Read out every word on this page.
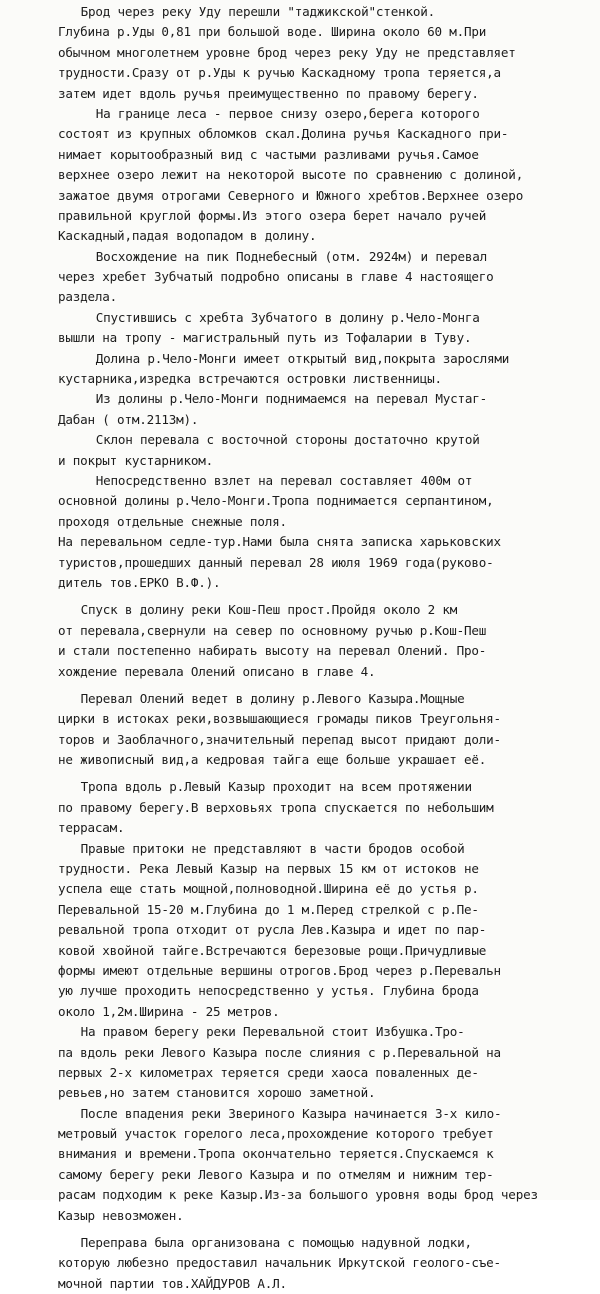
Брод через реку Уду перешли "таджикской"стенкой.
Глубина р.Уды 0,81 при большой воде. Ширина около 60 м.При
обычном многолетнем уровне брод через реку Уду не представляет
трудности.Сразу от р.Уды к ручью Каскадному тропа теряется,а
затем идет вдоль ручья преимущественно по правому берегу.
На границе леса - первое снизу озеро,берега которого
состоят из крупных обломков скал.Долина ручья Каскадного при-
нимает корытообразный вид с частыми разливами ручья.Самое
верхнее озеро лежит на некоторой высоте по сравнению с долиной,
зажатое двумя отрогами Северного и Южного хребтов.Верхнее озеро
правильной круглой формы.Из этого озера берет начало ручей
Каскадный,падая водопадом в долину.
Восхождение на пик Поднебесный (отм. 2924м) и перевал
через хребет Зубчатый подробно описаны в главе 4 настоящего
раздела.
Спустившись с хребта Зубчатого в долину р.Чело-Монга
вышли на тропу - магистральный путь из Тофаларии в Туву.
Долина р.Чело-Монги имеет открытый вид,покрыта зарослями
кустарника,изредка встречаются островки лиственницы.
Из долины р.Чело-Монги поднимаемся на перевал Мустаг-
Дабан ( отм.2113м).
Склон перевала с восточной стороны достаточно крутой
и покрыт кустарником.
Непосредственно взлет на перевал составляет 400м от
основной долины р.Чело-Монги.Тропа поднимается серпантином,
проходя отдельные снежные поля.
На перевальном седле-тур.Нами была снята записка харьковских
туристов,прошедших данный перевал 28 июля 1969 года(руково-
дитель тов.ЕРКО В.Ф.).
Спуск в долину реки Кош-Пеш прост.Пройдя около 2 км
от перевала,свернули на север по основному ручью р.Кош-Пеш
и стали постепенно набирать высоту на перевал Олений. Про-
хождение перевала Олений описано в главе 4.
Перевал Олений ведет в долину р.Левого Казыра.Мощные
цирки в истоках реки,возвышающиеся громады пиков Треугольня-
торов и Заоблачного,значительный перепад высот придают доли-
не живописный вид,а кедровая тайга еще больше украшает её.
Тропа вдоль р.Левый Казыр проходит на всем протяжении
по правому берегу.В верховьях тропа спускается по небольшим
террасам.
Правые притоки не представляют в части бродов особой
трудности. Река Левый Казыр на первых 15 км от истоков не
успела еще стать мощной,полноводной.Ширина её до устья р.
Перевальной 15-20 м.Глубина до 1 м.Перед стрелкой с р.Пе-
ревальной тропа отходит от русла Лев.Казыра и идет по пар-
ковой хвойной тайге.Встречаются березовые рощи.Причудливые
формы имеют отдельные вершины отрогов.Брод через р.Перевальн
ую лучше проходить непосредственно у устья. Глубина брода
около 1,2м.Ширина - 25 метров.
На правом берегу реки Перевальной стоит Избушка.Тро-
па вдоль реки Левого Казыра после слияния с р.Перевальной на
первых 2-х километрах теряется среди хаоса поваленных де-
ревьев,но затем становится хорошо заметной.
После впадения реки Звериного Казыра начинается 3-х кило-
метровый участок горелого леса,прохождение которого требует
внимания и времени.Тропа окончательно теряется.Спускаемся к
самому берегу реки Левого Казыра и по отмелям и нижним тер-
расам подходим к реке Казыр.Из-за большого уровня воды брод через
Казыр невозможен.
Переправа была организована с помощью надувной лодки,
которую любезно предоставил начальник Иркутской геолого-съе-
мочной партии тов.ХАЙДУРОВ А.Л.
